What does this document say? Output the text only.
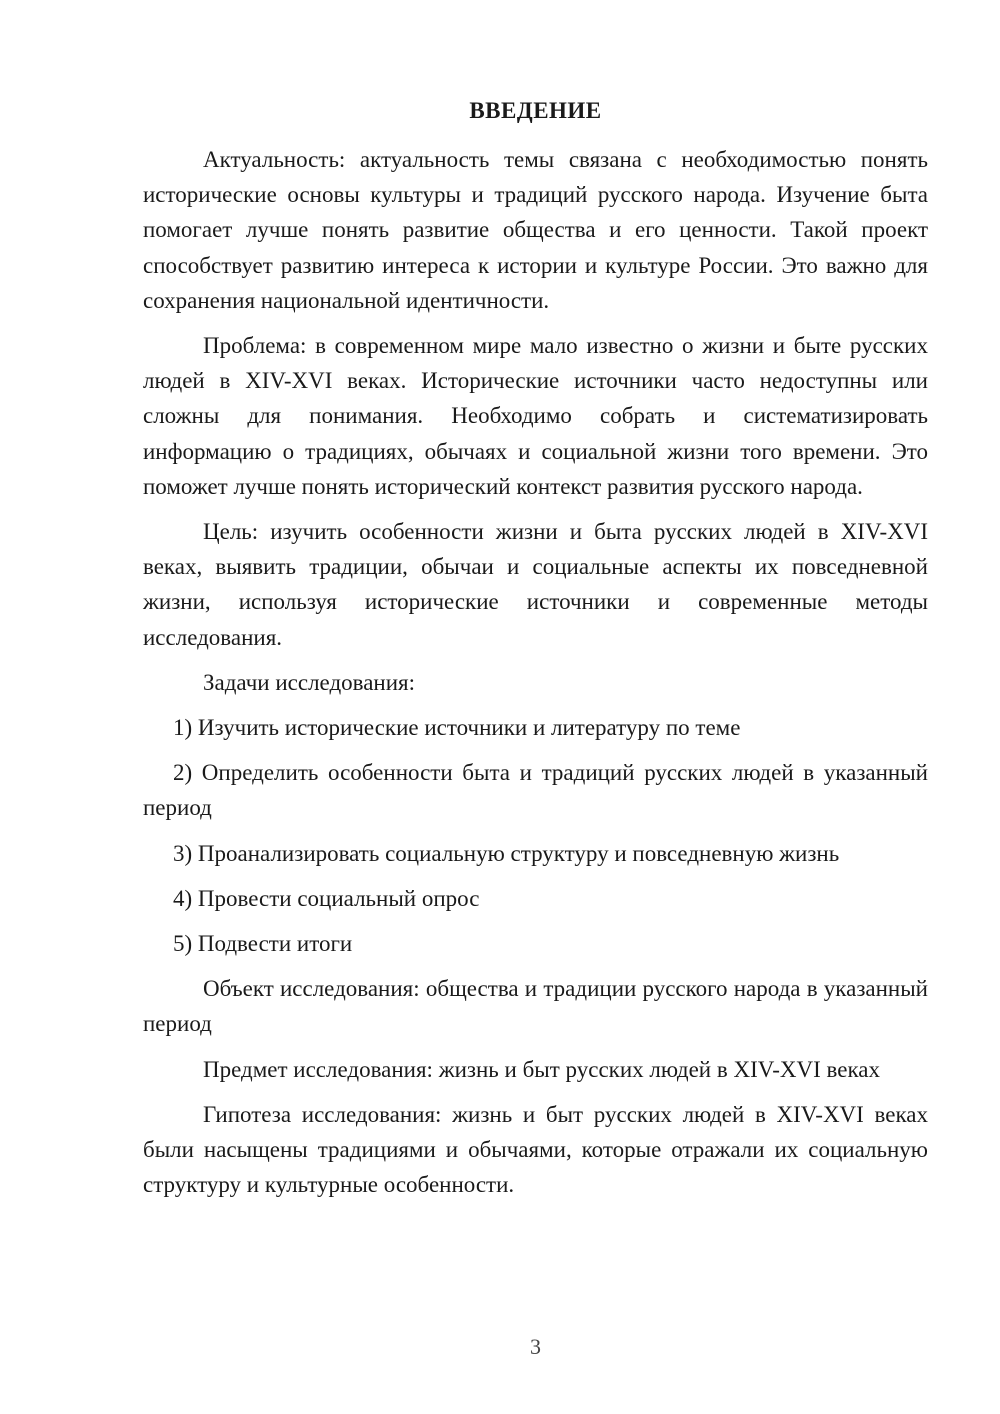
ВВЕДЕНИЕ

Актуальность: актуальность темы связана с необходимостью понять исторические основы культуры и традиций русского народа. Изучение быта помогает лучше понять развитие общества и его ценности. Такой проект способствует развитию интереса к истории и культуре России. Это важно для сохранения национальной идентичности.

Проблема: в современном мире мало известно о жизни и быте русских людей в XIV-XVI веках. Исторические источники часто недоступны или сложны для понимания. Необходимо собрать и систематизировать информацию о традициях, обычаях и социальной жизни того времени. Это поможет лучше понять исторический контекст развития русского народа.

Цель: изучить особенности жизни и быта русских людей в XIV-XVI веках, выявить традиции, обычаи и социальные аспекты их повседневной жизни, используя исторические источники и современные методы исследования.

Задачи исследования:

1) Изучить исторические источники и литературу по теме

2) Определить особенности быта и традиций русских людей в указанный период

3) Проанализировать социальную структуру и повседневную жизнь

4) Провести социальный опрос

5) Подвести итоги

Объект исследования: общества и традиции русского народа в указанный период

Предмет исследования: жизнь и быт русских людей в XIV-XVI веках

Гипотеза исследования: жизнь и быт русских людей в XIV-XVI веках были насыщены традициями и обычаями, которые отражали их социальную структуру и культурные особенности.

3
